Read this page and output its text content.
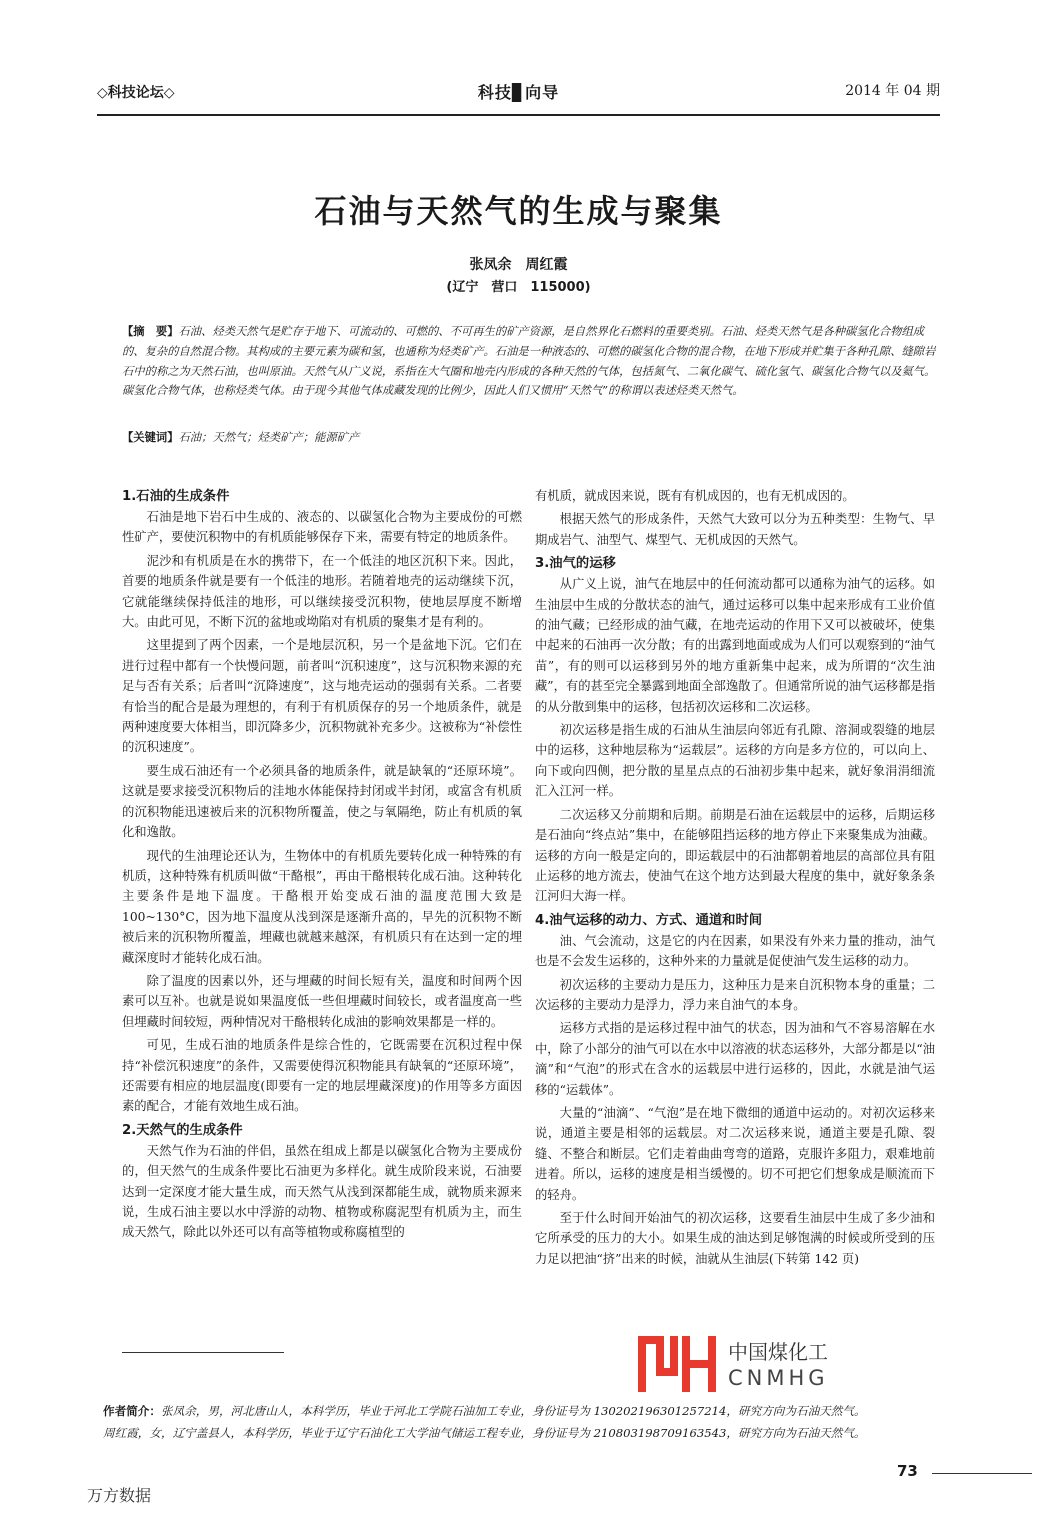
◇科技论坛◇	科技▊向导	2014 年 04 期
石油与天然气的生成与聚集
张凤余　周红霞
(辽宁　营口　115000)
【摘　要】石油、烃类天然气是贮存于地下、可流动的、可燃的、不可再生的矿产资源，是自然界化石燃料的重要类别。石油、烃类天然气是各种碳氢化合物组成的、复杂的自然混合物。其构成的主要元素为碳和氢，也通称为烃类矿产。石油是一种液态的、可燃的碳氢化合物的混合物，在地下形成并贮集于各种孔隙、缝隙岩石中的称之为天然石油，也叫原油。天然气从广义说，系指在大气圈和地壳内形成的各种天然的气体，包括氮气、二氧化碳气、硫化氢气、碳氢化合物气以及氦气。碳氢化合物气体，也称烃类气体。由于现今其他气体成藏发现的比例少，因此人们又惯用“天然气”的称谓以表述烃类天然气。
【关键词】石油；天然气；烃类矿产；能源矿产
1.石油的生成条件

石油是地下岩石中生成的、液态的、以碳氢化合物为主要成份的可燃性矿产，要使沉积物中的有机质能够保存下来，需要有特定的地质条件。

泥沙和有机质是在水的携带下，在一个低洼的地区沉积下来。因此，首要的地质条件就是要有一个低洼的地形。若随着地壳的运动继续下沉，它就能继续保持低洼的地形，可以继续接受沉积物，使地层厚度不断增大。由此可见，不断下沉的盆地或坳陷对有机质的聚集才是有利的。

这里提到了两个因素，一个是地层沉积，另一个是盆地下沉。它们在进行过程中都有一个快慢问题，前者叫“沉积速度”，这与沉积物来源的充足与否有关系；后者叫“沉降速度”，这与地壳运动的强弱有关系。二者要有恰当的配合是最为理想的，有利于有机质保存的另一个地质条件，就是两种速度要大体相当，即沉降多少，沉积物就补充多少。这被称为“补偿性的沉积速度”。

要生成石油还有一个必须具备的地质条件，就是缺氧的“还原环境”。这就是要求接受沉积物后的洼地水体能保持封闭或半封闭，或富含有机质的沉积物能迅速被后来的沉积物所覆盖，使之与氧隔绝，防止有机质的氧化和逸散。

现代的生油理论还认为，生物体中的有机质先要转化成一种特殊的有机质，这种特殊有机质叫做“干酪根”，再由干酪根转化成石油。这种转化主要条件是地下温度。干酪根开始变成石油的温度范围大致是100~130°C，因为地下温度从浅到深是逐渐升高的，早先的沉积物不断被后来的沉积物所覆盖，埋藏也就越来越深，有机质只有在达到一定的埋藏深度时才能转化成石油。

除了温度的因素以外，还与埋藏的时间长短有关，温度和时间两个因素可以互补。也就是说如果温度低一些但埋藏时间较长，或者温度高一些但埋藏时间较短，两种情况对干酪根转化成油的影响效果都是一样的。

可见，生成石油的地质条件是综合性的，它既需要在沉积过程中保持“补偿沉积速度”的条件，又需要使得沉积物能具有缺氧的“还原环境”，还需要有相应的地层温度(即要有一定的地层埋藏深度)的作用等多方面因素的配合，才能有效地生成石油。

2.天然气的生成条件

天然气作为石油的伴侣，虽然在组成上都是以碳氢化合物为主要成份的，但天然气的生成条件要比石油更为多样化。就生成阶段来说，石油要达到一定深度才能大量生成，而天然气从浅到深都能生成，就物质来源来说，生成石油主要以水中浮游的动物、植物或称腐泥型有机质为主，而生成天然气，除此以外还可以有高等植物或称腐植型的

有机质，就成因来说，既有有机成因的，也有无机成因的。

根据天然气的形成条件，天然气大致可以分为五种类型：生物气、早期成岩气、油型气、煤型气、无机成因的天然气。

3.油气的运移

从广义上说，油气在地层中的任何流动都可以通称为油气的运移。如生油层中生成的分散状态的油气，通过运移可以集中起来形成有工业价值的油气藏；已经形成的油气藏，在地壳运动的作用下又可以被破坏，使集中起来的石油再一次分散；有的出露到地面或成为人们可以观察到的“油气苗”，有的则可以运移到另外的地方重新集中起来，成为所谓的“次生油藏”，有的甚至完全暴露到地面全部逸散了。但通常所说的油气运移都是指的从分散到集中的运移，包括初次运移和二次运移。

初次运移是指生成的石油从生油层向邻近有孔隙、溶洞或裂缝的地层中的运移，这种地层称为“运载层”。运移的方向是多方位的，可以向上、向下或向四侧，把分散的星星点点的石油初步集中起来，就好象涓涓细流汇入江河一样。

二次运移又分前期和后期。前期是石油在运载层中的运移，后期运移是石油向“终点站”集中，在能够阻挡运移的地方停止下来聚集成为油藏。运移的方向一般是定向的，即运载层中的石油都朝着地层的高部位具有阻止运移的地方流去，使油气在这个地方达到最大程度的集中，就好象条条江河归大海一样。

4.油气运移的动力、方式、通道和时间

油、气会流动，这是它的内在因素，如果没有外来力量的推动，油气也是不会发生运移的，这种外来的力量就是促使油气发生运移的动力。

初次运移的主要动力是压力，这种压力是来自沉积物本身的重量；二次运移的主要动力是浮力，浮力来自油气的本身。

运移方式指的是运移过程中油气的状态，因为油和气不容易溶解在水中，除了小部分的油气可以在水中以溶液的状态运移外，大部分都是以“油滴”和“气泡”的形式在含水的运载层中进行运移的，因此，水就是油气运移的“运载体”。

大量的“油滴”、“气泡”是在地下微细的通道中运动的。对初次运移来说，通道主要是相邻的运载层。对二次运移来说，通道主要是孔隙、裂缝、不整合和断层。它们走着曲曲弯弯的道路，克服许多阻力，艰难地前进着。所以，运移的速度是相当缓慢的。切不可把它们想象成是顺流而下的轻舟。

至于什么时间开始油气的初次运移，这要看生油层中生成了多少油和它所承受的压力的大小。如果生成的油达到足够饱满的时候或所受到的压力足以把油“挤”出来的时候，油就从生油层(下转第 142 页)

中国煤化工
CNMHG
作者简介：张凤余，男，河北唐山人，本科学历，毕业于河北工学院石油加工专业，身份证号为 130202196301257214，研究方向为石油天然气。
周红霞，女，辽宁盖县人，本科学历，毕业于辽宁石油化工大学油气储运工程专业，身份证号为 210803198709163543，研究方向为石油天然气。
73
万方数据
